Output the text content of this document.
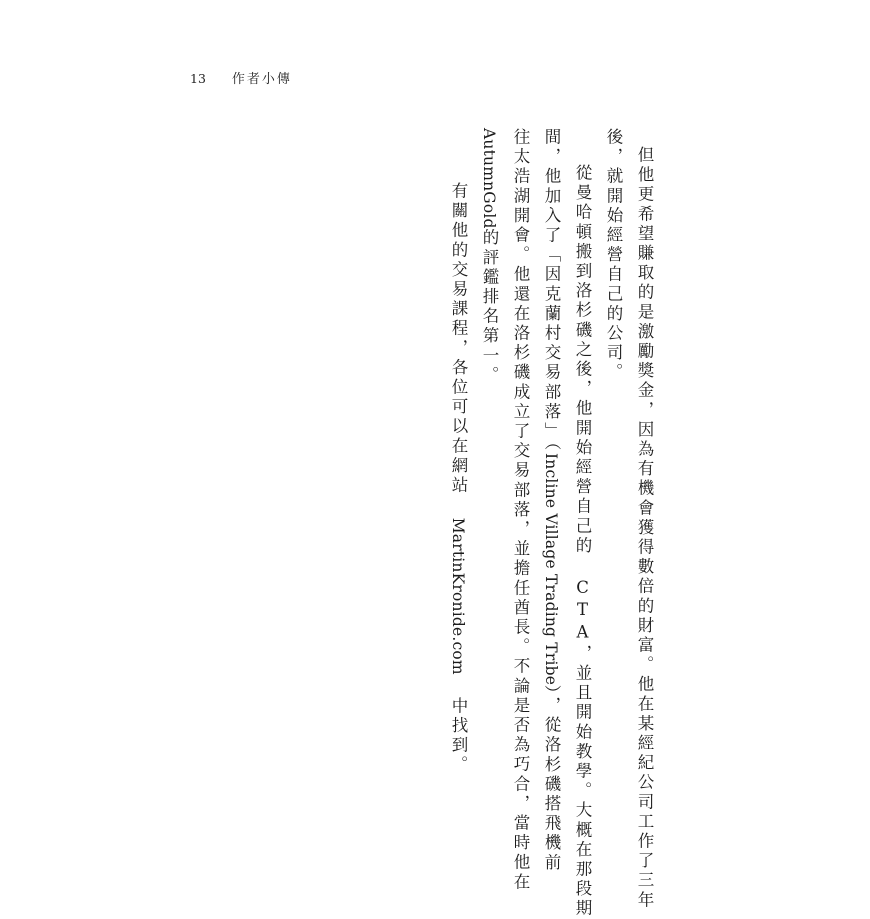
13 作者小傳
但他更希望賺取的是激勵獎金，因為有機會獲得數倍的財富。他在某經紀公司工作了三年
後，就開始經營自己的公司。
從曼哈頓搬到洛杉磯之後，他開始經營自己的 CTA，並且開始教學。大概在那段期
間，他加入了「因克蘭村交易部落」（Incline Village Trading Tribe），從洛杉磯搭飛機前
往太浩湖開會。他還在洛杉磯成立了交易部落，並擔任酋長。不論是否為巧合，當時他在
AutumnGold的評鑑排名第一。
有關他的交易課程，各位可以在網站 MartinKronide.com 中找到。
